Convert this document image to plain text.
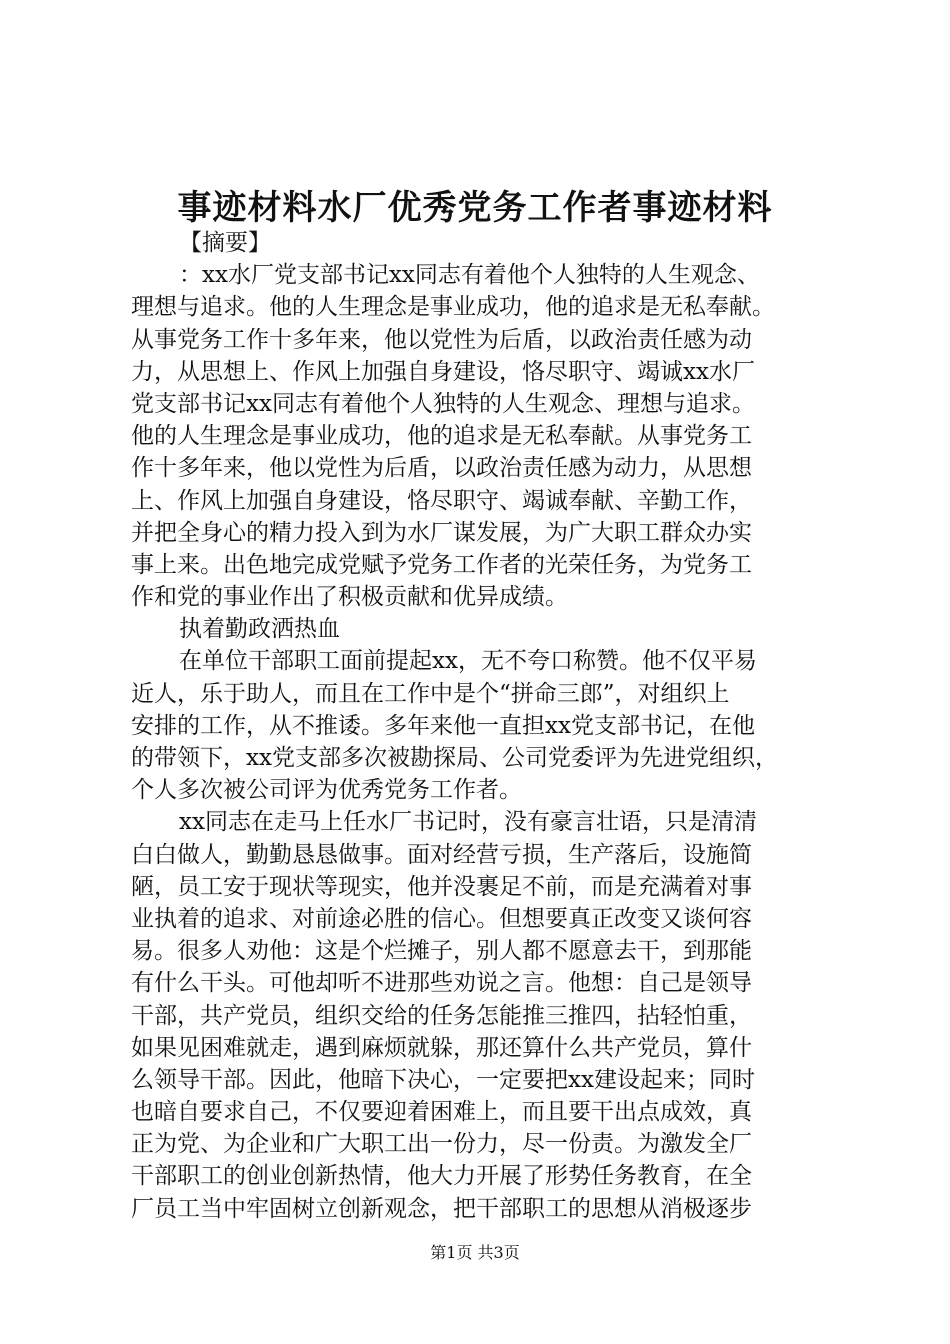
事迹材料水厂优秀党务工作者事迹材料
【摘要】
：xx水厂党支部书记xx同志有着他个人独特的人生观念、
理想与追求。他的人生理念是事业成功，他的追求是无私奉献。
从事党务工作十多年来，他以党性为后盾，以政治责任感为动
力，从思想上、作风上加强自身建设，恪尽职守、竭诚xx水厂
党支部书记xx同志有着他个人独特的人生观念、理想与追求。
他的人生理念是事业成功，他的追求是无私奉献。从事党务工
作十多年来，他以党性为后盾，以政治责任感为动力，从思想
上、作风上加强自身建设，恪尽职守、竭诚奉献、辛勤工作，
并把全身心的精力投入到为水厂谋发展，为广大职工群众办实
事上来。出色地完成党赋予党务工作者的光荣任务，为党务工
作和党的事业作出了积极贡献和优异成绩。
执着勤政洒热血
在单位干部职工面前提起xx，无不夸口称赞。他不仅平易
近人，乐于助人，而且在工作中是个“拼命三郎”，对组织上
安排的工作，从不推诿。多年来他一直担xx党支部书记，在他
的带领下，xx党支部多次被勘探局、公司党委评为先进党组织，
个人多次被公司评为优秀党务工作者。
xx同志在走马上任水厂书记时，没有豪言壮语，只是清清
白白做人，勤勤恳恳做事。面对经营亏损，生产落后，设施简
陋，员工安于现状等现实，他并没裹足不前，而是充满着对事
业执着的追求、对前途必胜的信心。但想要真正改变又谈何容
易。很多人劝他：这是个烂摊子，别人都不愿意去干，到那能
有什么干头。可他却听不进那些劝说之言。他想：自己是领导
干部，共产党员，组织交给的任务怎能推三推四，拈轻怕重，
如果见困难就走，遇到麻烦就躲，那还算什么共产党员，算什
么领导干部。因此，他暗下决心，一定要把xx建设起来；同时
也暗自要求自己，不仅要迎着困难上，而且要干出点成效，真
正为党、为企业和广大职工出一份力，尽一份责。为激发全厂
干部职工的创业创新热情，他大力开展了形势任务教育，在全
厂员工当中牢固树立创新观念，把干部职工的思想从消极逐步
第1页 共3页
